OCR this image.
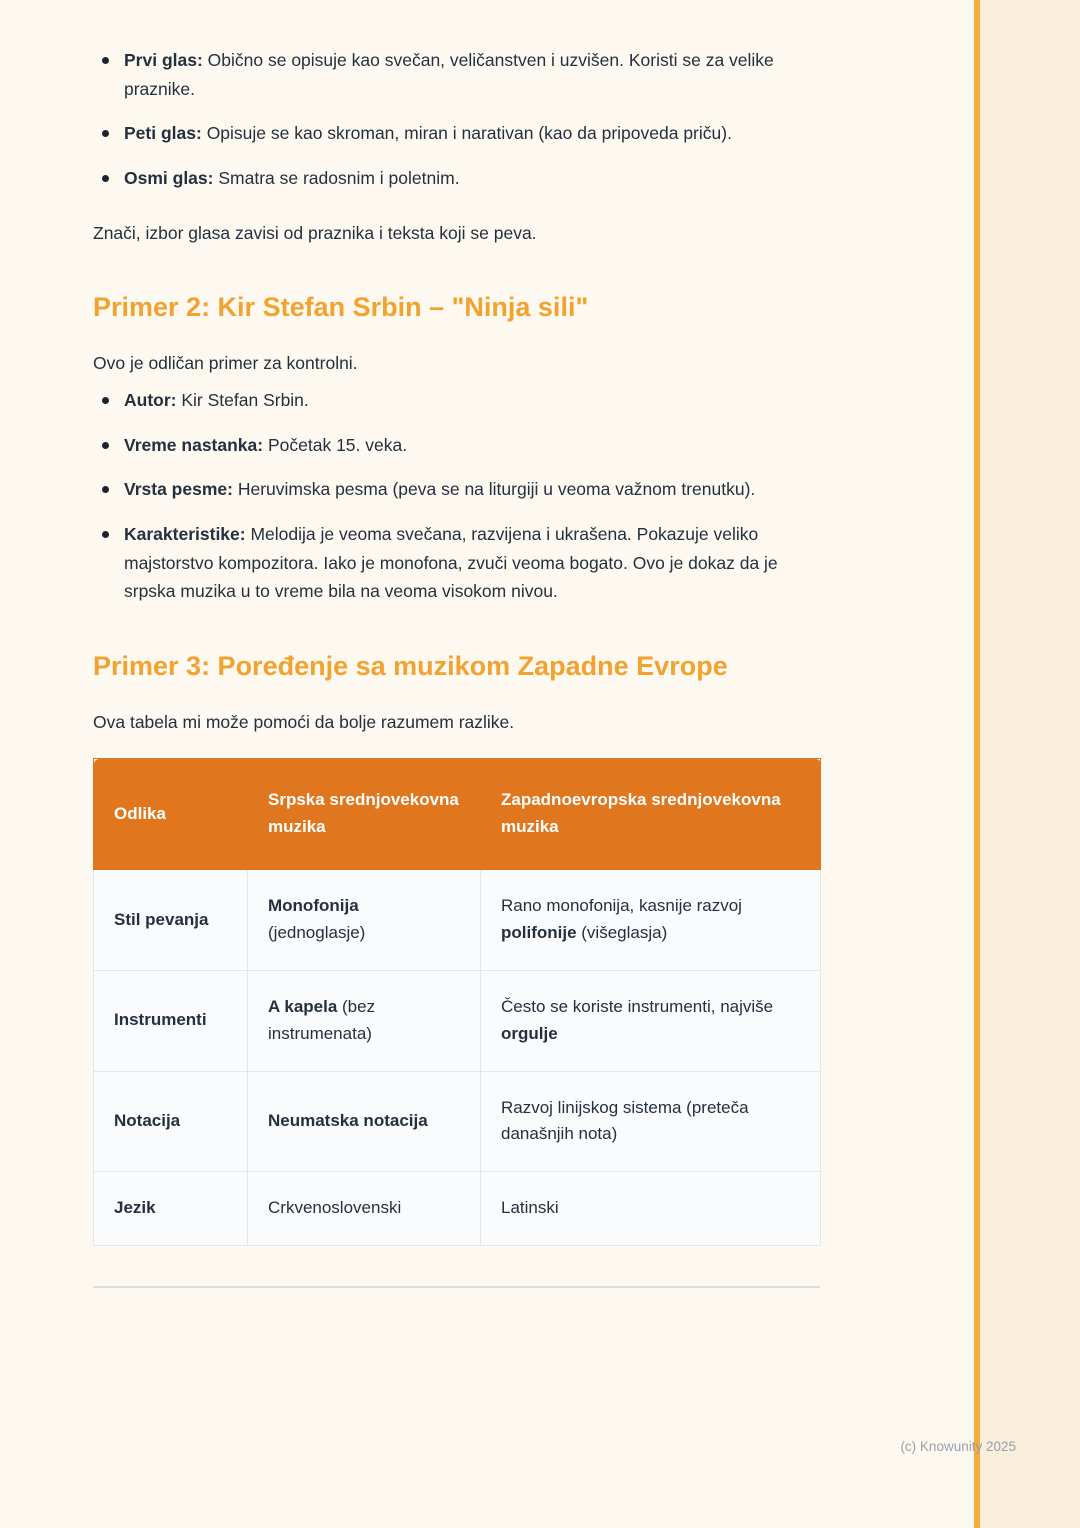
Prvi glas: Obično se opisuje kao svečan, veličanstven i uzvišen. Koristi se za velike praznike.
Peti glas: Opisuje se kao skroman, miran i narativan (kao da pripoveda priču).
Osmi glas: Smatra se radosnim i poletnim.

Znači, izbor glasa zavisi od praznika i teksta koji se peva.

Primer 2: Kir Stefan Srbin – "Ninja sili"

Ovo je odličan primer za kontrolni.

Autor: Kir Stefan Srbin.
Vreme nastanka: Početak 15. veka.
Vrsta pesme: Heruvimska pesma (peva se na liturgiji u veoma važnom trenutku).
Karakteristike: Melodija je veoma svečana, razvijena i ukrašena. Pokazuje veliko majstorstvo kompozitora. Iako je monofona, zvuči veoma bogato. Ovo je dokaz da je srpska muzika u to vreme bila na veoma visokom nivou.
Primer 3: Poređenje sa muzikom Zapadne Evrope

Ova tabela mi može pomoći da bolje razumem razlike.

Odlika	Srpska srednjovekovna muzika	Zapadnoevropska srednjovekovna muzika
Stil pevanja	Monofonija (jednoglasje)	Rano monofonija, kasnije razvoj polifonije (višeglasja)
Instrumenti	A kapela (bez instrumenata)	Često se koriste instrumenti, najviše orgulje
Notacija	Neumatska notacija	Razvoj linijskog sistema (preteča današnjih nota)
Jezik	Crkvenoslovenski	Latinski
(c) Knowunity 2025
